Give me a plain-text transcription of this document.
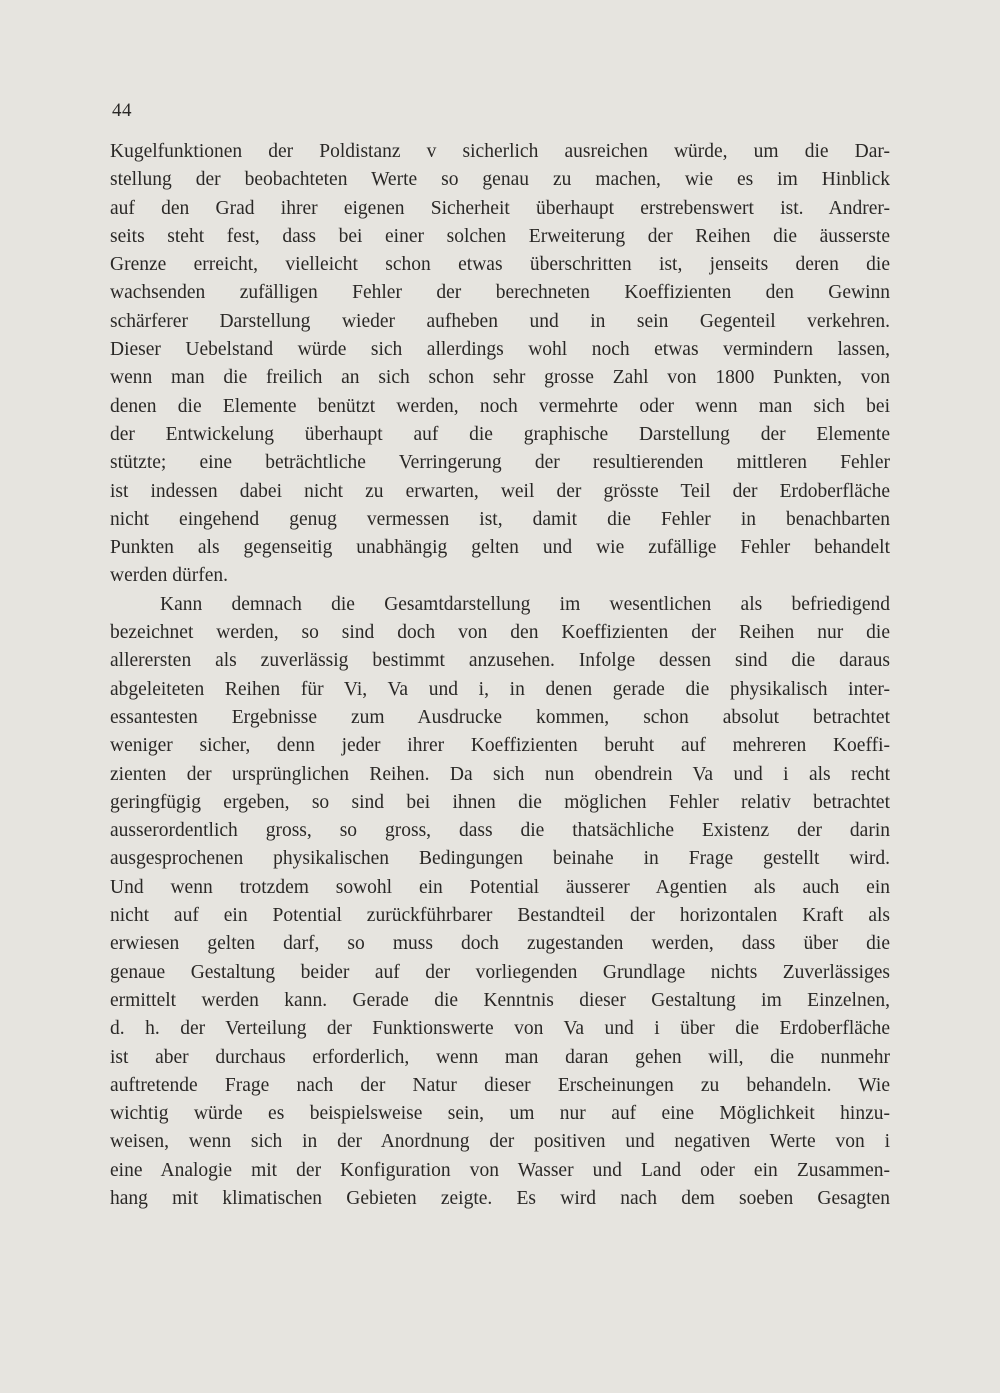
44
Kugelfunktionen der Poldistanz v sicherlich ausreichen würde, um die Dar-
stellung der beobachteten Werte so genau zu machen, wie es im Hinblick
auf den Grad ihrer eigenen Sicherheit überhaupt erstrebenswert ist. Andrer-
seits steht fest, dass bei einer solchen Erweiterung der Reihen die äusserste
Grenze erreicht, vielleicht schon etwas überschritten ist, jenseits deren die
wachsenden zufälligen Fehler der berechneten Koeffizienten den Gewinn
schärferer Darstellung wieder aufheben und in sein Gegenteil verkehren.
Dieser Uebelstand würde sich allerdings wohl noch etwas vermindern lassen,
wenn man die freilich an sich schon sehr grosse Zahl von 1800 Punkten, von
denen die Elemente benützt werden, noch vermehrte oder wenn man sich bei
der Entwickelung überhaupt auf die graphische Darstellung der Elemente
stützte; eine beträchtliche Verringerung der resultierenden mittleren Fehler
ist indessen dabei nicht zu erwarten, weil der grösste Teil der Erdoberfläche
nicht eingehend genug vermessen ist, damit die Fehler in benachbarten
Punkten als gegenseitig unabhängig gelten und wie zufällige Fehler behandelt
werden dürfen.
Kann demnach die Gesamtdarstellung im wesentlichen als befriedigend
bezeichnet werden, so sind doch von den Koeffizienten der Reihen nur die
allerersten als zuverlässig bestimmt anzusehen. Infolge dessen sind die daraus
abgeleiteten Reihen für Vi, Va und i, in denen gerade die physikalisch inter-
essantesten Ergebnisse zum Ausdrucke kommen, schon absolut betrachtet
weniger sicher, denn jeder ihrer Koeffizienten beruht auf mehreren Koeffi-
zienten der ursprünglichen Reihen. Da sich nun obendrein Va und i als recht
geringfügig ergeben, so sind bei ihnen die möglichen Fehler relativ betrachtet
ausserordentlich gross, so gross, dass die thatsächliche Existenz der darin
ausgesprochenen physikalischen Bedingungen beinahe in Frage gestellt wird.
Und wenn trotzdem sowohl ein Potential äusserer Agentien als auch ein
nicht auf ein Potential zurückführbarer Bestandteil der horizontalen Kraft als
erwiesen gelten darf, so muss doch zugestanden werden, dass über die
genaue Gestaltung beider auf der vorliegenden Grundlage nichts Zuverlässiges
ermittelt werden kann. Gerade die Kenntnis dieser Gestaltung im Einzelnen,
d. h. der Verteilung der Funktionswerte von Va und i über die Erdoberfläche
ist aber durchaus erforderlich, wenn man daran gehen will, die nunmehr
auftretende Frage nach der Natur dieser Erscheinungen zu behandeln. Wie
wichtig würde es beispielsweise sein, um nur auf eine Möglichkeit hinzu-
weisen, wenn sich in der Anordnung der positiven und negativen Werte von i
eine Analogie mit der Konfiguration von Wasser und Land oder ein Zusammen-
hang mit klimatischen Gebieten zeigte. Es wird nach dem soeben Gesagten
